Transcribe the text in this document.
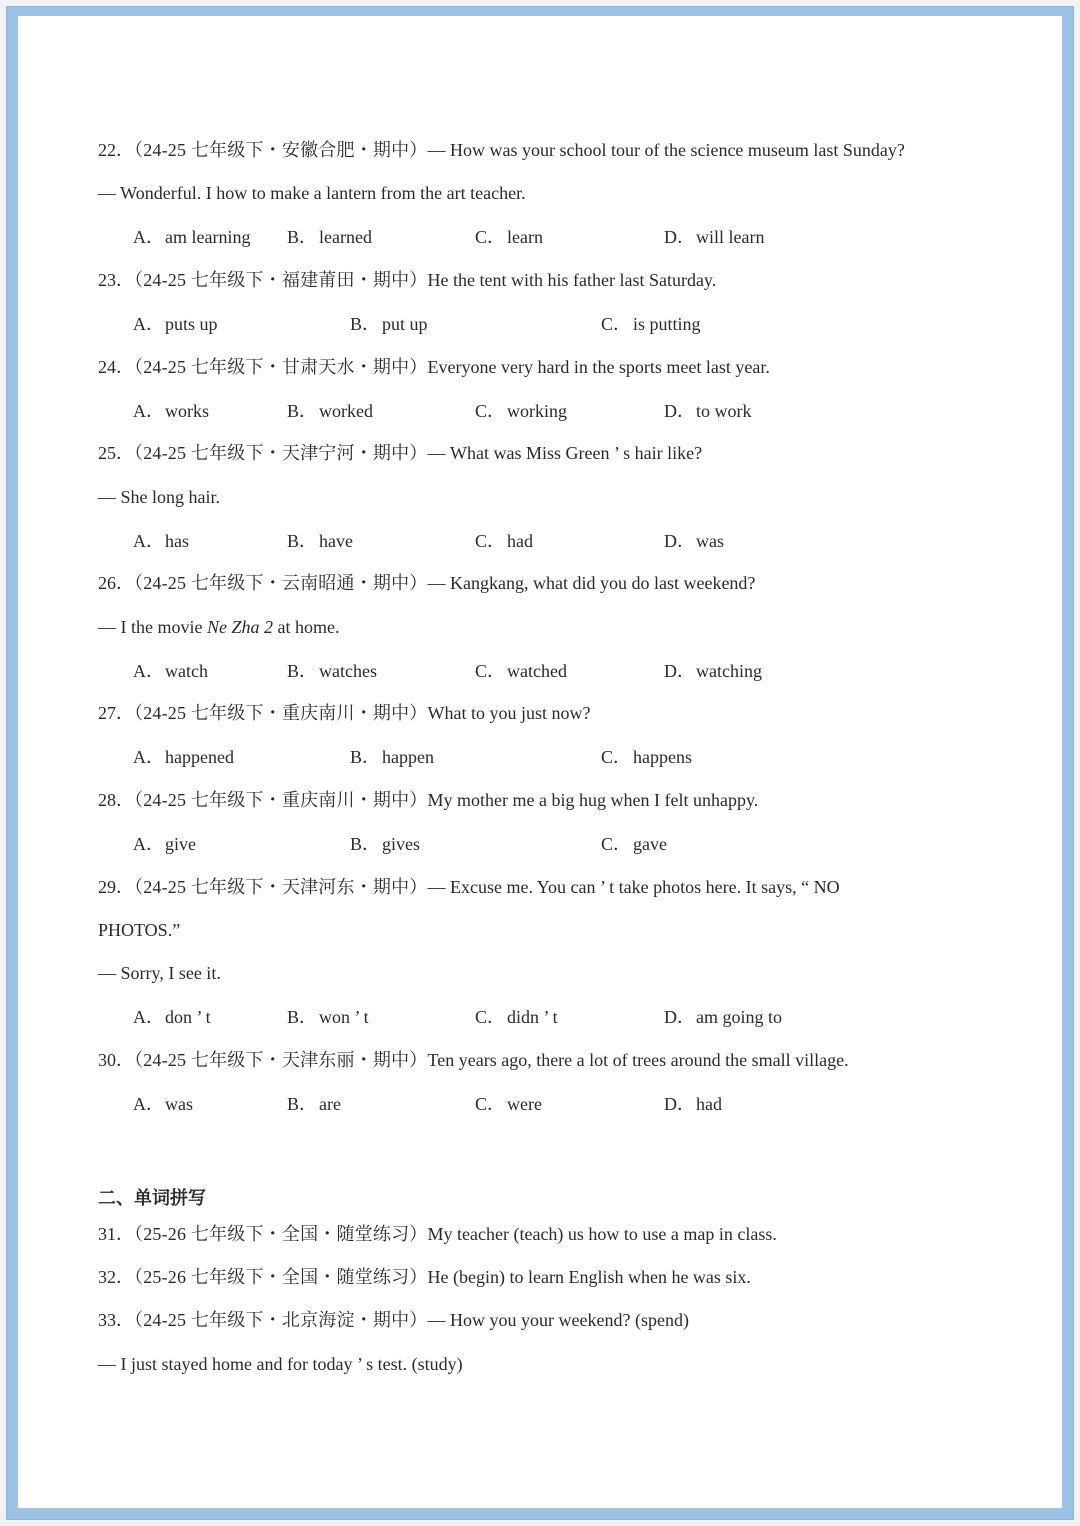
22．（24-25 七年级下・安徽合肥・期中）— How was your school tour of the science museum last Sunday?
— Wonderful. I how to make a lantern from the art teacher.
A．am learning B． learned	C． learn	D．will learn
23．（24-25 七年级下・福建莆田・期中）He the tent with his father last Saturday.
A．puts up	B． put up	C． is putting
24．（24-25 七年级下・甘肃天水・期中）Everyone very hard in the sports meet last year.
A．works	B． worked	C． working	D．to work
25．（24-25 七年级下・天津宁河・期中）— What was Miss Green ’ s hair like?
— She long hair.
A．has	B． have	C． had	D．was
26．（24-25 七年级下・云南昭通・期中）— Kangkang, what did you do last weekend?
— I the movie Ne Zha 2 at home.
A．watch	B． watches	C． watched	D．watching
27．（24-25 七年级下・重庆南川・期中）What to you just now?
A．happened	B． happen	C． happens
28．（24-25 七年级下・重庆南川・期中）My mother me a big hug when I felt unhappy.
A．give	B． gives	C． gave
29．（24-25 七年级下・天津河东・期中）— Excuse me. You can ’ t take photos here. It says, “ NO
PHOTOS.”
— Sorry, I see it.
A．don ’ t	B． won ’ t	C． didn ’ t	D．am going to
30．（24-25 七年级下・天津东丽・期中）Ten years ago, there a lot of trees around the small village.
A．was	B． are	C． were	D．had
二、单词拼写
31．（25-26 七年级下・全国・随堂练习）My teacher (teach) us how to use a map in class.
32．（25-26 七年级下・全国・随堂练习）He (begin) to learn English when he was six.
33．（24-25 七年级下・北京海淀・期中）— How you your weekend? (spend)
— I just stayed home and for today ’ s test. (study)
